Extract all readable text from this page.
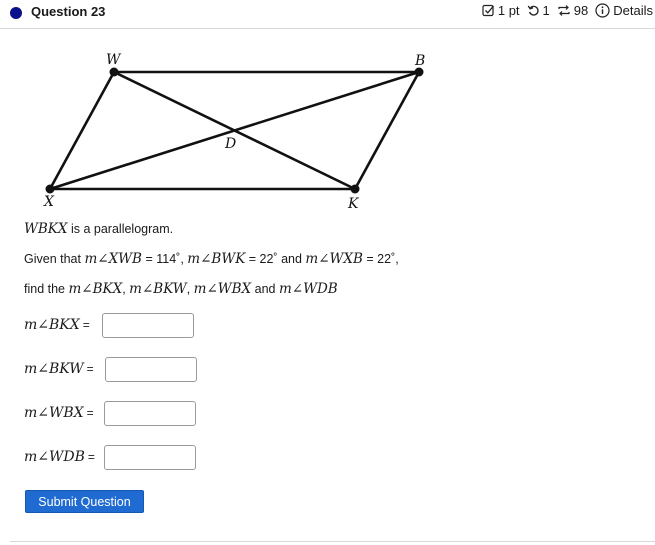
Question 23	1 pt 1 98 Details
W	B
D
X	K
WBKX is a parallelogram.
Given that m∠XWB = 114˚, m∠BWK = 22˚ and m∠WXB = 22˚,
find the m∠BKX, m∠BKW, m∠WBX and m∠WDB
m∠BKX =
m∠BKW =
m∠WBX =
m∠WDB =
Submit Question
